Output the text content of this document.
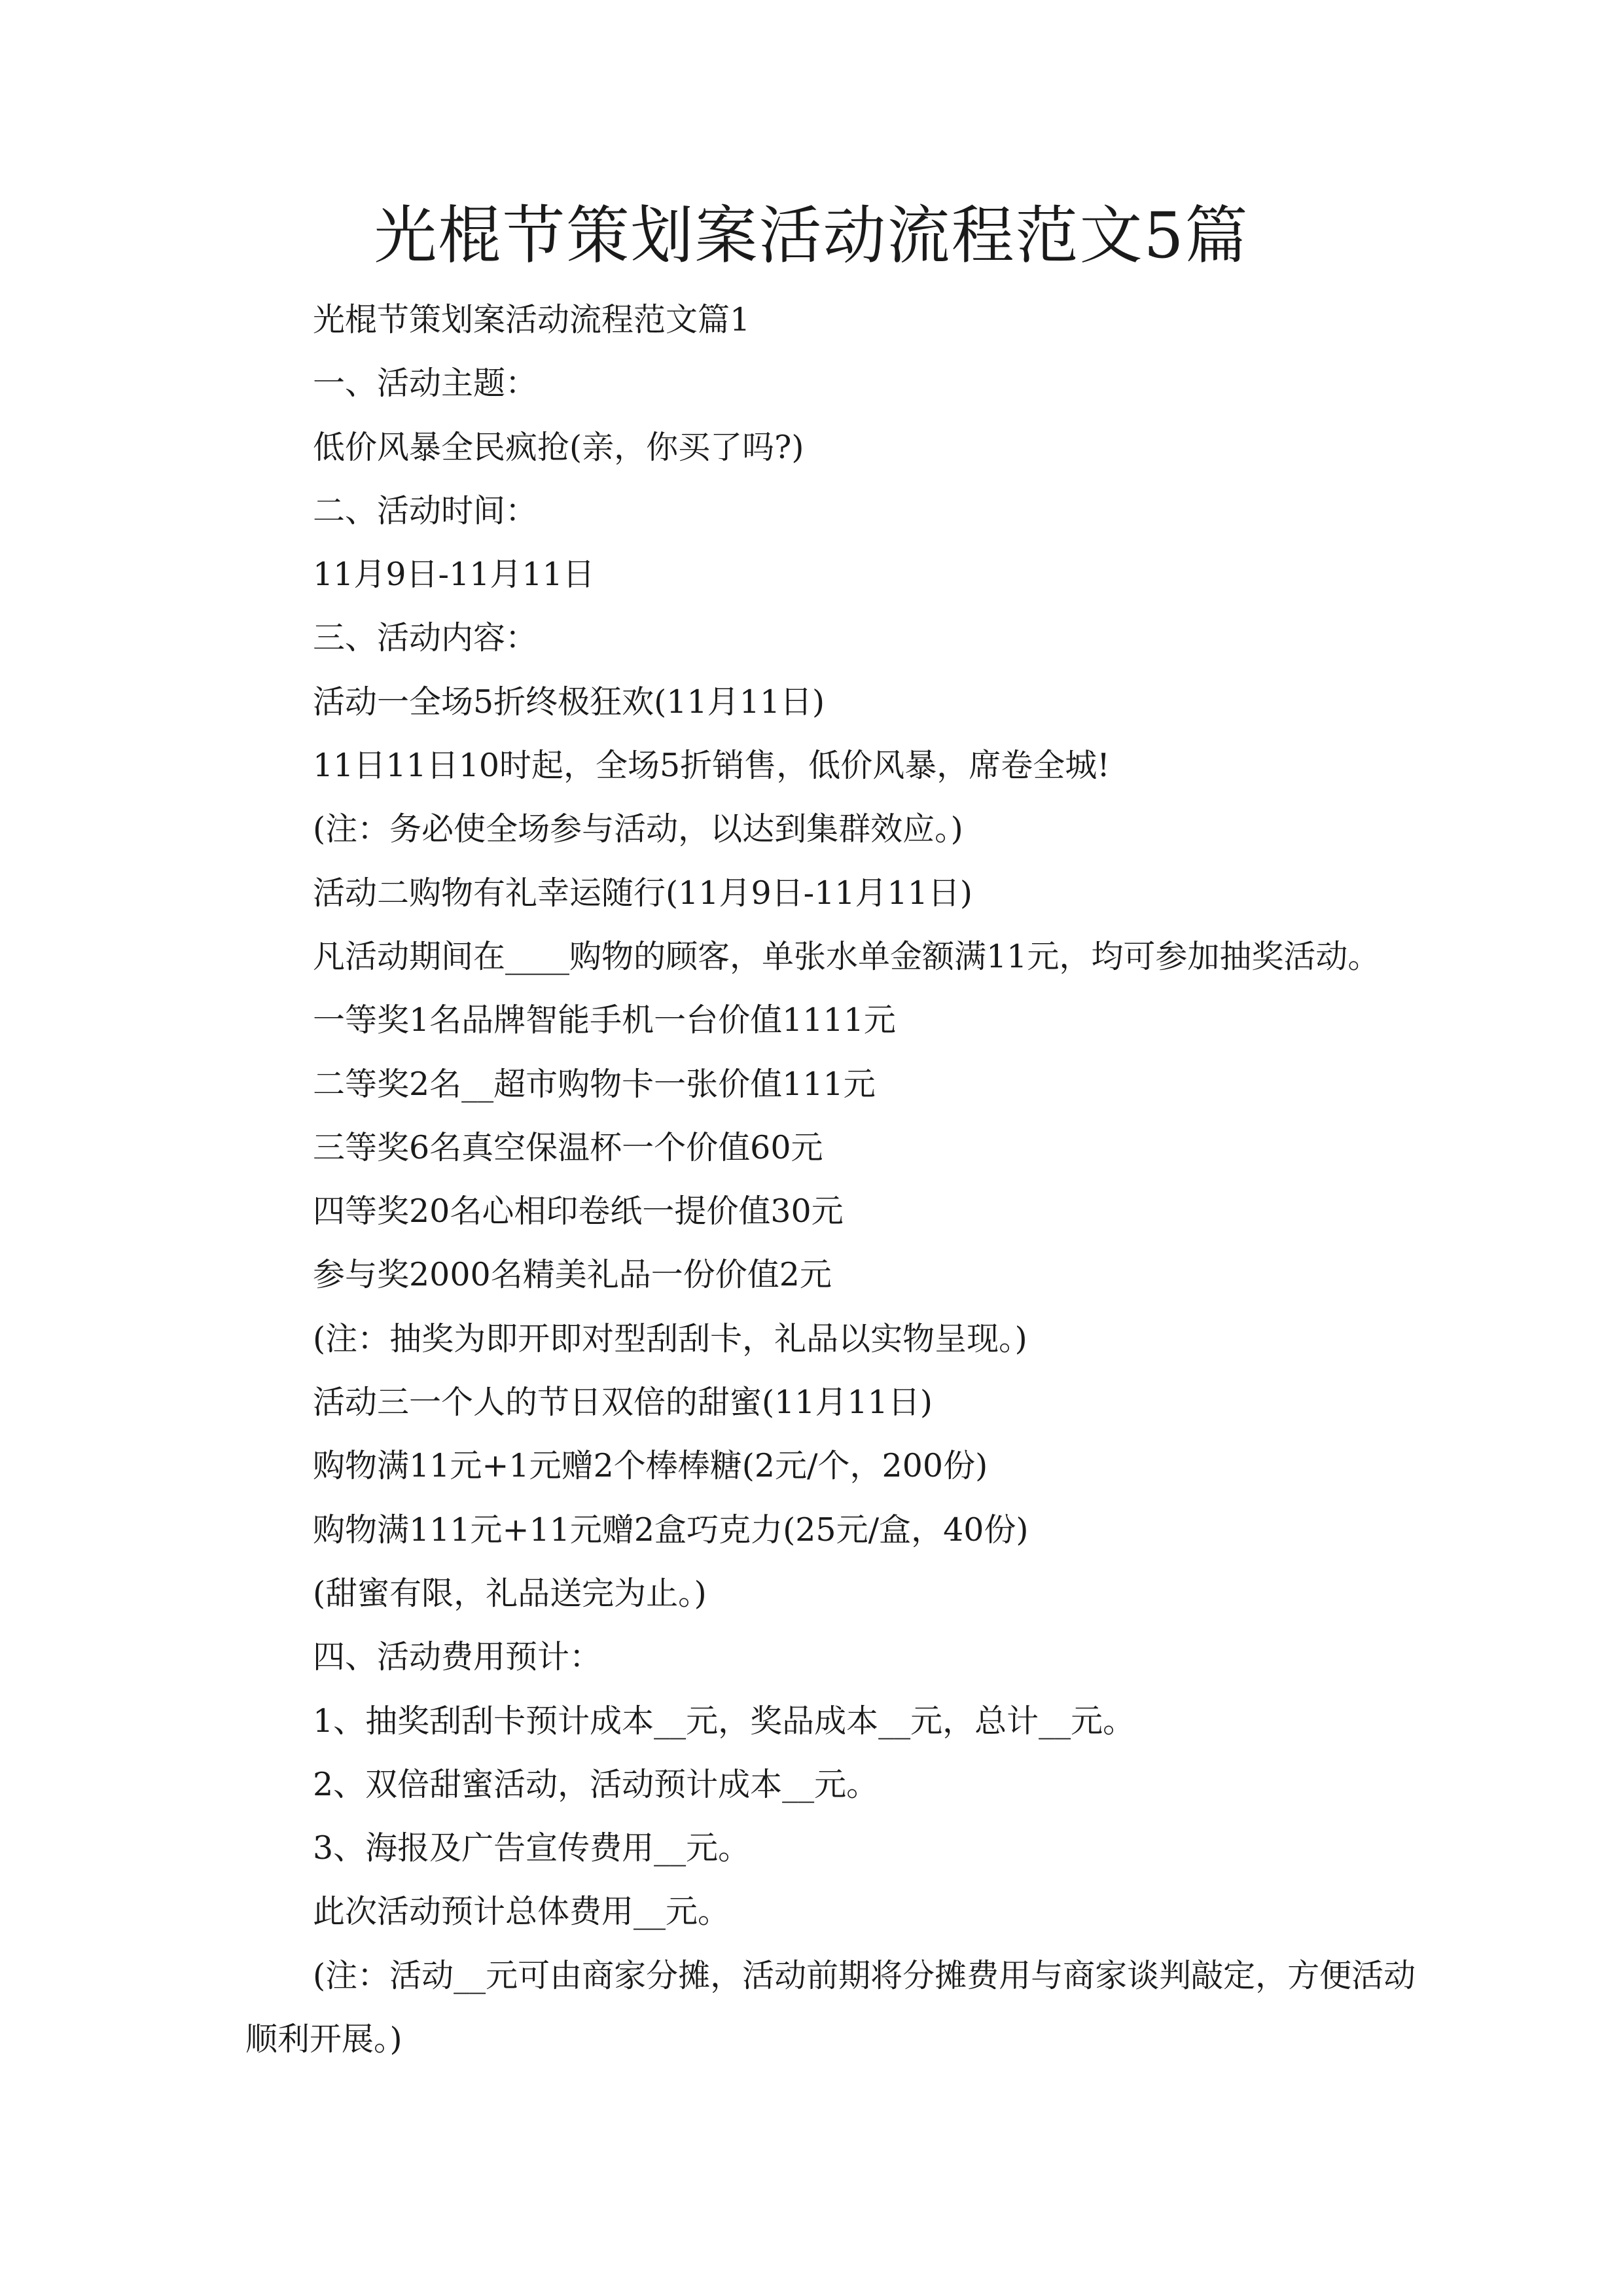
光棍节策划案活动流程范文5篇

光棍节策划案活动流程范文篇1

一、活动主题：

低价风暴全民疯抢(亲，你买了吗?)

二、活动时间：

11月9日-11月11日

三、活动内容：

活动一全场5折终极狂欢(11月11日)

11日11日10时起，全场5折销售，低价风暴，席卷全城!

(注：务必使全场参与活动，以达到集群效应。)

活动二购物有礼幸运随行(11月9日-11月11日)

凡活动期间在____购物的顾客，单张水单金额满11元，均可参加抽奖活动。

一等奖1名品牌智能手机一台价值1111元

二等奖2名__超市购物卡一张价值111元

三等奖6名真空保温杯一个价值60元

四等奖20名心相印卷纸一提价值30元

参与奖2000名精美礼品一份价值2元

(注：抽奖为即开即对型刮刮卡，礼品以实物呈现。)

活动三一个人的节日双倍的甜蜜(11月11日)

购物满11元+1元赠2个棒棒糖(2元/个，200份)

购物满111元+11元赠2盒巧克力(25元/盒，40份)

(甜蜜有限，礼品送完为止。)

四、活动费用预计：

1、抽奖刮刮卡预计成本__元，奖品成本__元，总计__元。

2、双倍甜蜜活动，活动预计成本__元。

3、海报及广告宣传费用__元。

此次活动预计总体费用__元。

(注：活动__元可由商家分摊，活动前期将分摊费用与商家谈判敲定，方便活动顺利开展。)
